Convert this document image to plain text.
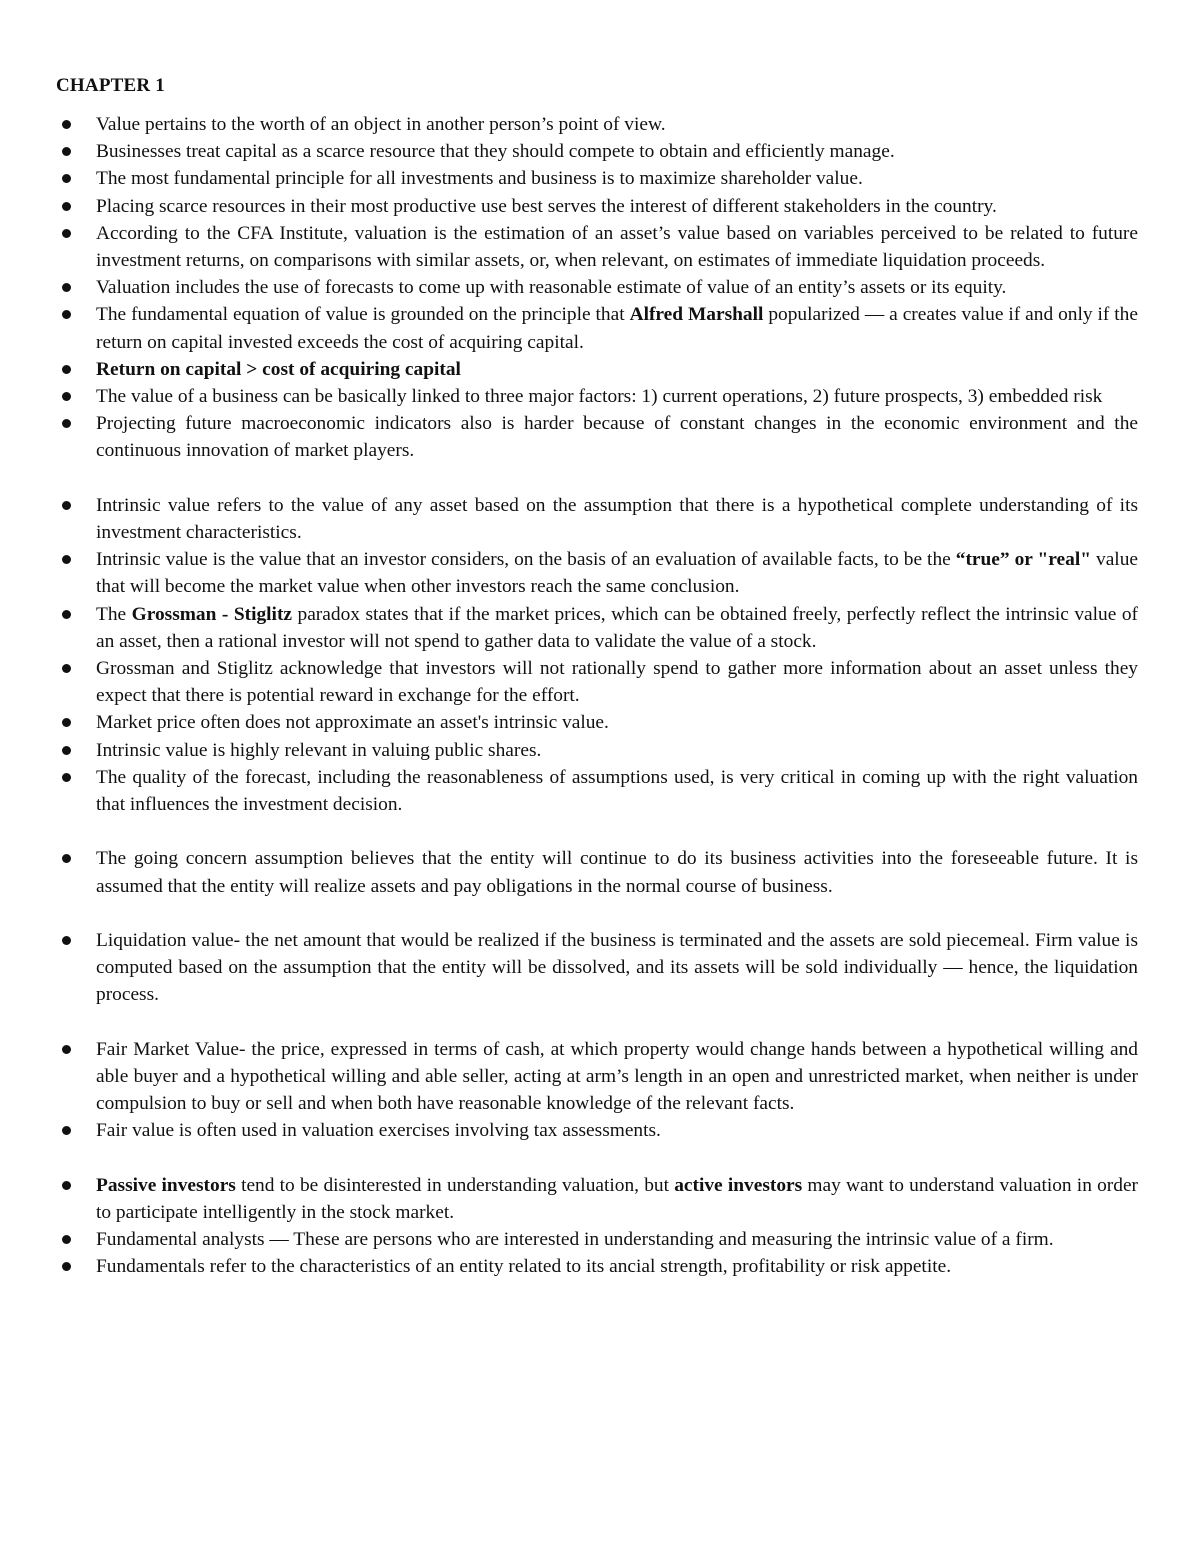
CHAPTER 1
Value pertains to the worth of an object in another person’s point of view.
Businesses treat capital as a scarce resource that they should compete to obtain and efficiently manage.
The most fundamental principle for all investments and business is to maximize shareholder value.
Placing scarce resources in their most productive use best serves the interest of different stakeholders in the country.
According to the CFA Institute, valuation is the estimation of an asset’s value based on variables perceived to be related to future investment returns, on comparisons with similar assets, or, when relevant, on estimates of immediate liquidation proceeds.
Valuation includes the use of forecasts to come up with reasonable estimate of value of an entity’s assets or its equity.
The fundamental equation of value is grounded on the principle that Alfred Marshall popularized — a creates value if and only if the return on capital invested exceeds the cost of acquiring capital.
Return on capital > cost of acquiring capital
The value of a business can be basically linked to three major factors: 1) current operations, 2) future prospects, 3) embedded risk
Projecting future macroeconomic indicators also is harder because of constant changes in the economic environment and the continuous innovation of market players.
Intrinsic value refers to the value of any asset based on the assumption that there is a hypothetical complete understanding of its investment characteristics.
Intrinsic value is the value that an investor considers, on the basis of an evaluation of available facts, to be the “true” or "real" value that will become the market value when other investors reach the same conclusion.
The Grossman - Stiglitz paradox states that if the market prices, which can be obtained freely, perfectly reflect the intrinsic value of an asset, then a rational investor will not spend to gather data to validate the value of a stock.
Grossman and Stiglitz acknowledge that investors will not rationally spend to gather more information about an asset unless they expect that there is potential reward in exchange for the effort.
Market price often does not approximate an asset's intrinsic value.
Intrinsic value is highly relevant in valuing public shares.
The quality of the forecast, including the reasonableness of assumptions used, is very critical in coming up with the right valuation that influences the investment decision.
The going concern assumption believes that the entity will continue to do its business activities into the foreseeable future. It is assumed that the entity will realize assets and pay obligations in the normal course of business.
Liquidation value- the net amount that would be realized if the business is terminated and the assets are sold piecemeal. Firm value is computed based on the assumption that the entity will be dissolved, and its assets will be sold individually — hence, the liquidation process.
Fair Market Value- the price, expressed in terms of cash, at which property would change hands between a hypothetical willing and able buyer and a hypothetical willing and able seller, acting at arm’s length in an open and unrestricted market, when neither is under compulsion to buy or sell and when both have reasonable knowledge of the relevant facts.
Fair value is often used in valuation exercises involving tax assessments.
Passive investors tend to be disinterested in understanding valuation, but active investors may want to understand valuation in order to participate intelligently in the stock market.
Fundamental analysts — These are persons who are interested in understanding and measuring the intrinsic value of a firm.
Fundamentals refer to the characteristics of an entity related to its ancial strength, profitability or risk appetite.
